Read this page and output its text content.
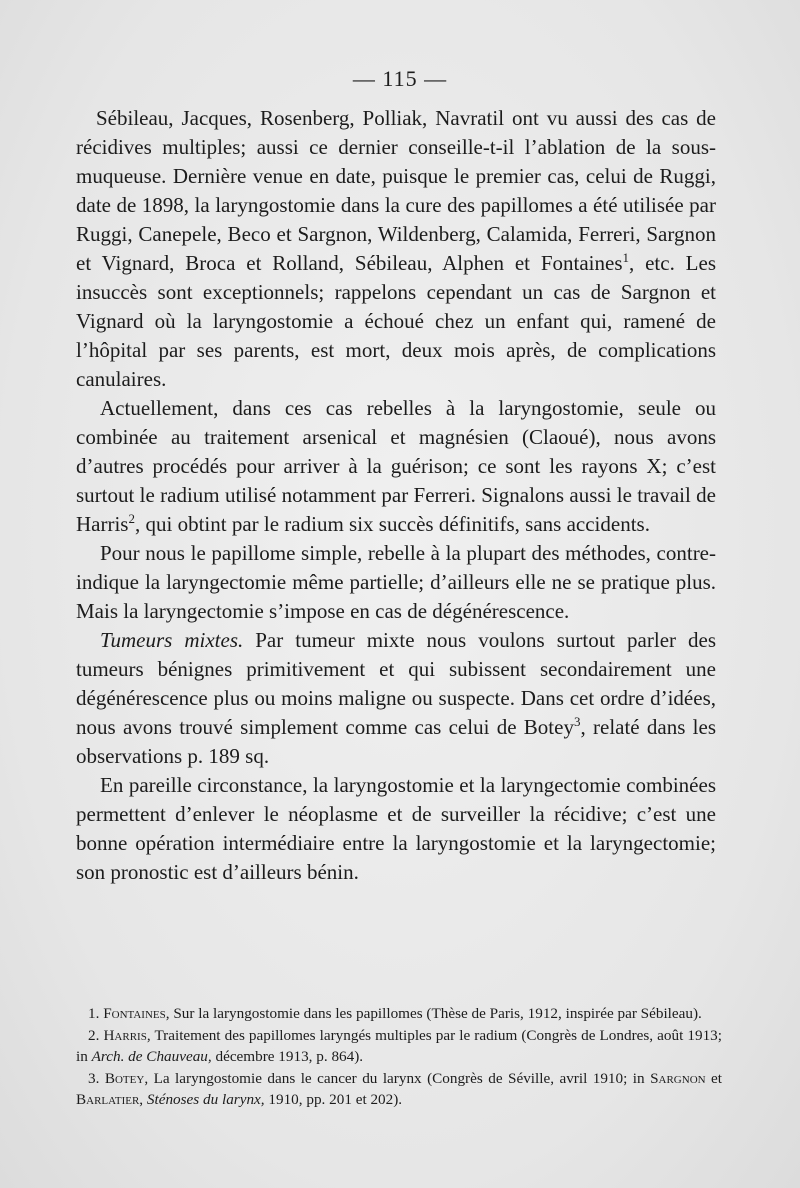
— 115 —

Sébileau, Jacques, Rosenberg, Polliak, Navratil ont vu aussi des cas de récidives multiples; aussi ce dernier conseille-t-il l’ablation de la sous-muqueuse. Dernière venue en date, puisque le premier cas, celui de Ruggi, date de 1898, la laryngostomie dans la cure des papillomes a été utilisée par Ruggi, Canepele, Beco et Sargnon, Wildenberg, Calamida, Ferreri, Sargnon et Vignard, Broca et Rolland, Sébileau, Alphen et Fontaines$^1$, etc. Les insuccès sont exceptionnels; rappelons cependant un cas de Sargnon et Vignard où la laryngostomie a échoué chez un enfant qui, ramené de l’hôpital par ses parents, est mort, deux mois après, de complications canulaires.

Actuellement, dans ces cas rebelles à la laryngostomie, seule ou combinée au traitement arsenical et magnésien (Claoué), nous avons d’autres procédés pour arriver à la guérison; ce sont les rayons X; c’est surtout le radium utilisé notamment par Ferreri. Signalons aussi le travail de Harris$^2$, qui obtint par le radium six succès définitifs, sans accidents.

Pour nous le papillome simple, rebelle à la plupart des méthodes, contre-indique la laryngectomie même partielle; d’ailleurs elle ne se pratique plus. Mais la laryngectomie s’impose en cas de dégénérescence.

Tumeurs mixtes. Par tumeur mixte nous voulons surtout parler des tumeurs bénignes primitivement et qui subissent secondairement une dégénérescence plus ou moins maligne ou suspecte. Dans cet ordre d’idées, nous avons trouvé simplement comme cas celui de Botey$^3$, relaté dans les observations p. 189 sq.

En pareille circonstance, la laryngostomie et la laryngectomie combinées permettent d’enlever le néoplasme et de surveiller la récidive; c’est une bonne opération intermédiaire entre la laryngostomie et la laryngectomie; son pronostic est d’ailleurs bénin.

1. Fontaines, Sur la laryngostomie dans les papillomes (Thèse de Paris, 1912, inspirée par Sébileau).

2. Harris, Traitement des papillomes laryngés multiples par le radium (Congrès de Londres, août 1913; in Arch. de Chauveau, décembre 1913, p. 864).

3. Botey, La laryngostomie dans le cancer du larynx (Congrès de Séville, avril 1910; in Sargnon et Barlatier, Sténoses du larynx, 1910, pp. 201 et 202).
